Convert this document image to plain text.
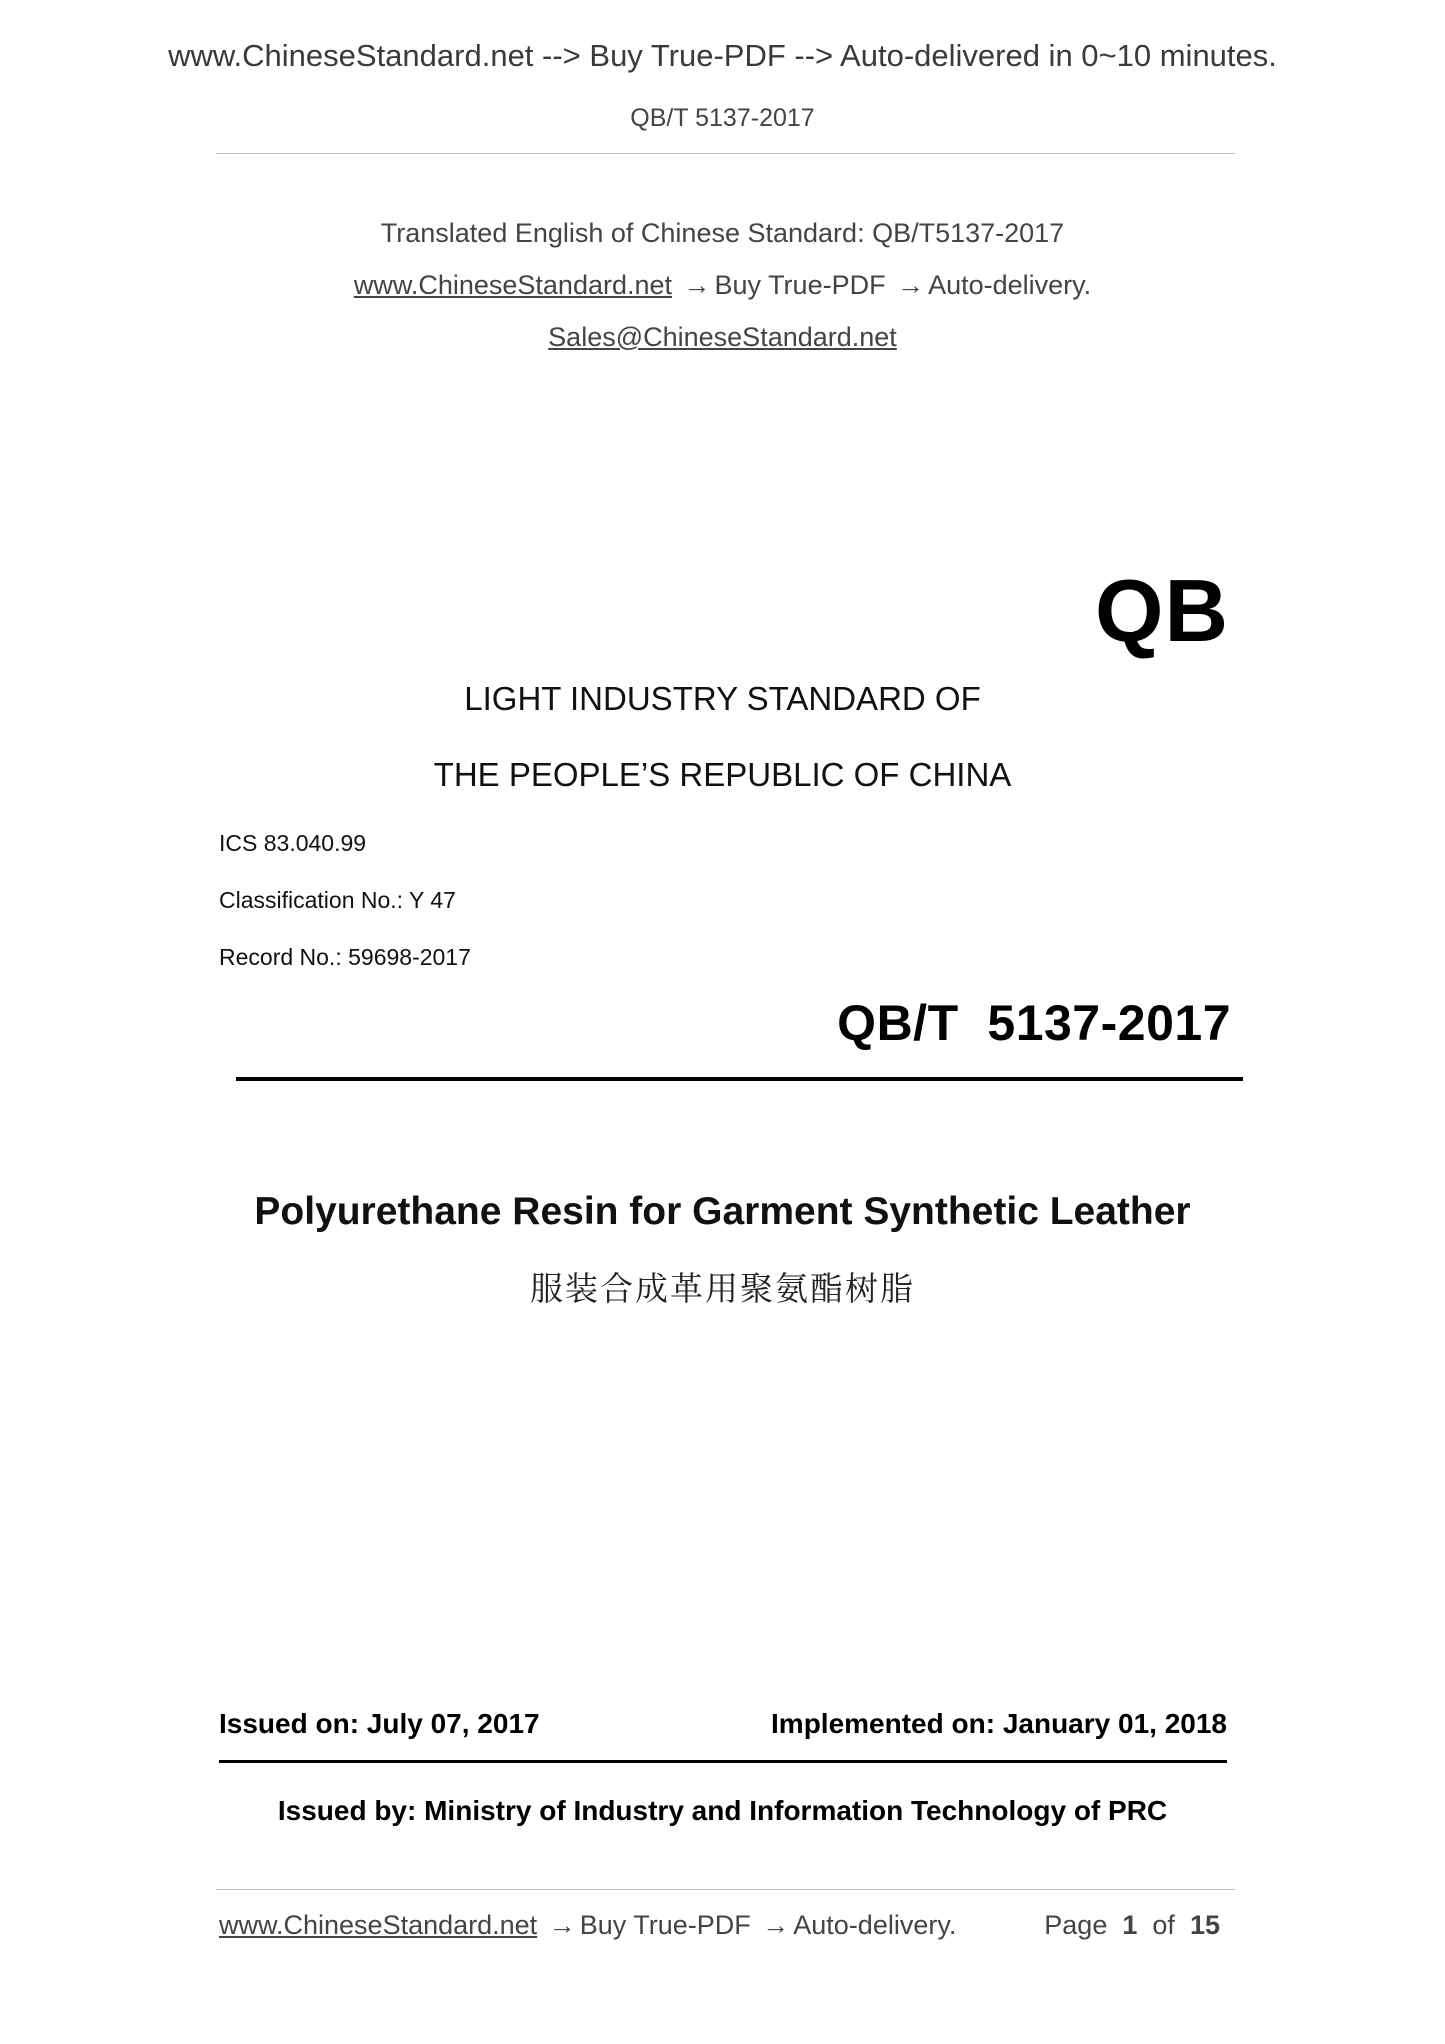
www.ChineseStandard.net --> Buy True-PDF --> Auto-delivered in 0~10 minutes.
QB/T 5137-2017
Translated English of Chinese Standard: QB/T5137-2017
www.ChineseStandard.net → Buy True-PDF → Auto-delivery.
Sales@ChineseStandard.net
QB
LIGHT INDUSTRY STANDARD OF
THE PEOPLE’S REPUBLIC OF CHINA
ICS 83.040.99
Classification No.: Y 47
Record No.: 59698-2017
QB/T  5137-2017
Polyurethane Resin for Garment Synthetic Leather
服装合成革用聚氨酯树脂
Issued on: July 07, 2017	Implemented on: January 01, 2018
Issued by: Ministry of Industry and Information Technology of PRC
www.ChineseStandard.net → Buy True-PDF → Auto-delivery.	Page 1 of 15
